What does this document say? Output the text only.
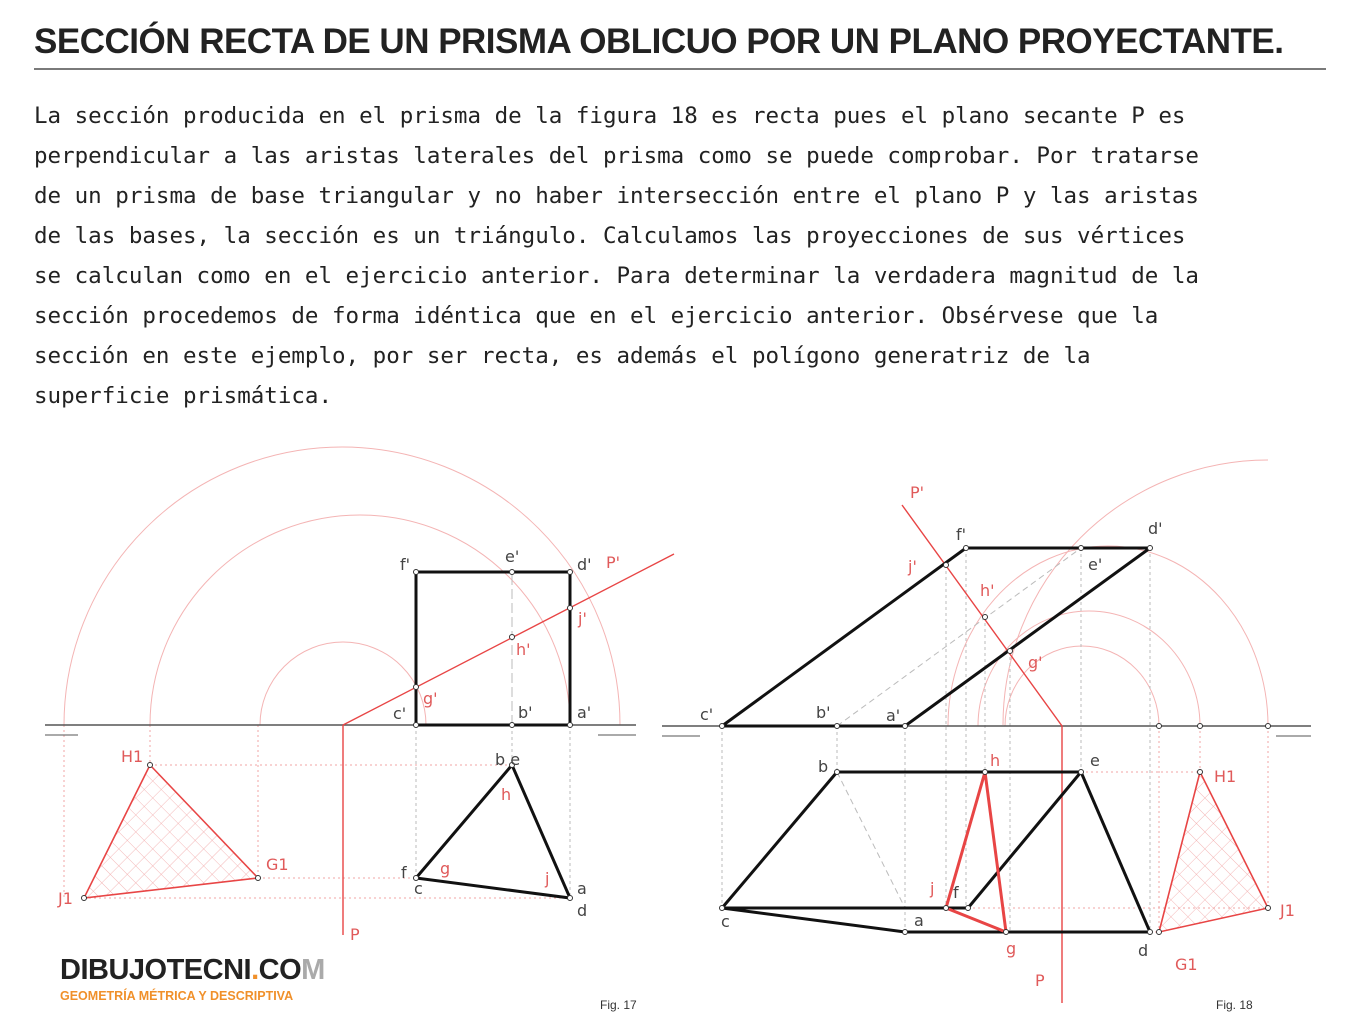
SECCIÓN RECTA DE UN PRISMA OBLICUO POR UN PLANO PROYECTANTE.
La sección producida en el prisma de la figura 18 es recta pues el plano secante P es
perpendicular a las aristas laterales del prisma como se puede comprobar. Por tratarse
de un prisma de base triangular y no haber intersección entre el plano P y las aristas
de las bases, la sección es un triángulo. Calculamos las proyecciones de sus vértices
se calculan como en el ejercicio anterior. Para determinar la verdadera magnitud de la
sección procedemos de forma idéntica que en el ejercicio anterior. Obsérvese que la
sección en este ejemplo, por ser recta, es además el polígono generatriz de la
superficie prismática.
f'	e'	d' P'
j'
h'
g'
c'	b'	a'
H1
G1
J1
b e
h
f
c
g
j
a
d
P
P'
f'	d'
j'
h'
e'
g'
c'	b'	a'
b	h	e
H1
J1
j f
c	a
g	d
G1
P
DIBUJOTECNI.COM
GEOMETRÍA MÉTRICA Y DESCRIPTIVA
Fig. 17	Fig. 18
